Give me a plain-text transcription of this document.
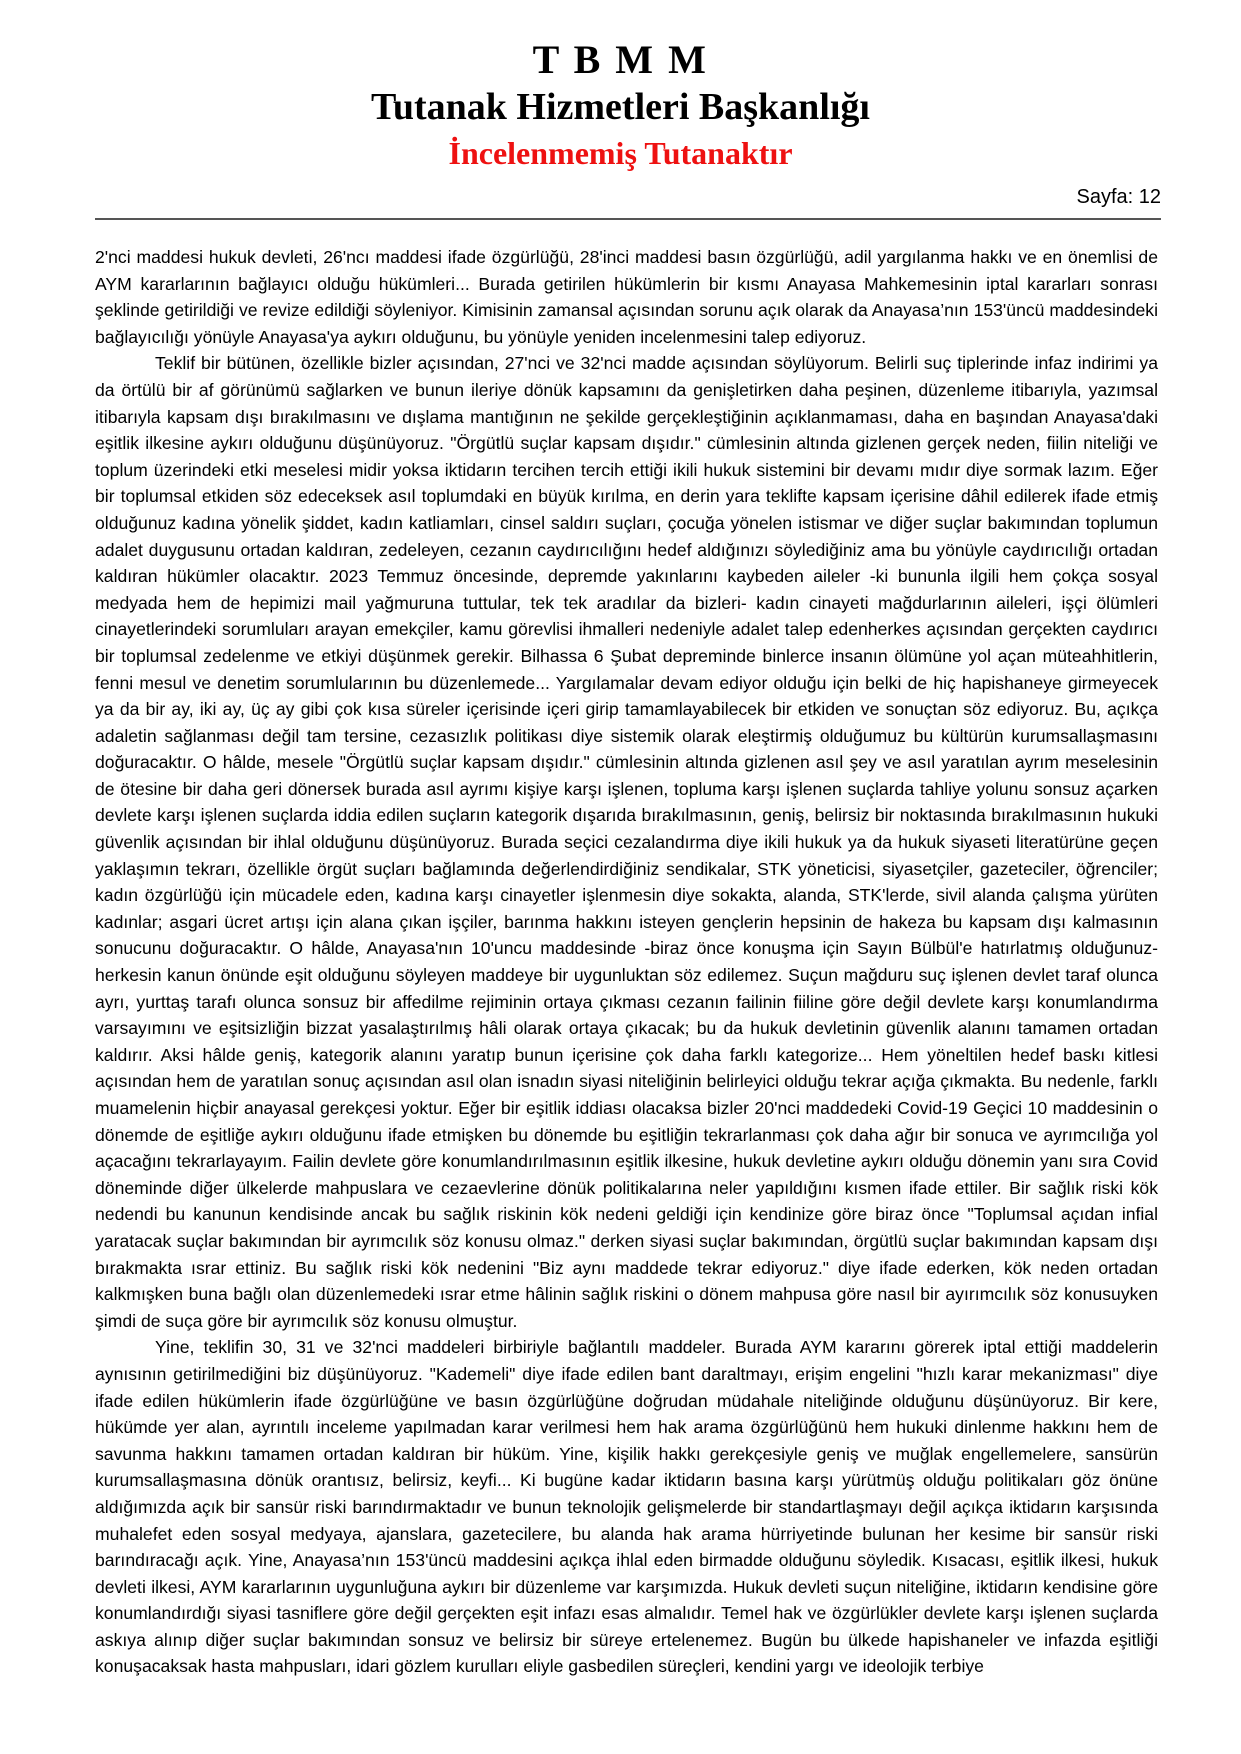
T B M M
Tutanak Hizmetleri Başkanlığı
İncelenmemiş Tutanaktır
Sayfa: 12

2'nci maddesi hukuk devleti, 26'ncı maddesi ifade özgürlüğü, 28'inci maddesi basın özgürlüğü, adil yargılanma hakkı ve en önemlisi de AYM kararlarının bağlayıcı olduğu hükümleri... Burada getirilen hükümlerin bir kısmı Anayasa Mahkemesinin iptal kararları sonrası şeklinde getirildiği ve revize edildiği söyleniyor. Kimisinin zamansal açısından sorunu açık olarak da Anayasa’nın 153'üncü maddesindeki bağlayıcılığı yönüyle Anayasa'ya aykırı olduğunu, bu yönüyle yeniden incelenmesini talep ediyoruz.

Teklif bir bütünen, özellikle bizler açısından, 27'nci ve 32'nci madde açısından söylüyorum. Belirli suç tiplerinde infaz indirimi ya da örtülü bir af görünümü sağlarken ve bunun ileriye dönük kapsamını da genişletirken daha peşinen, düzenleme itibarıyla, yazımsal itibarıyla kapsam dışı bırakılmasını ve dışlama mantığının ne şekilde gerçekleştiğinin açıklanmaması, daha en başından Anayasa'daki eşitlik ilkesine aykırı olduğunu düşünüyoruz. "Örgütlü suçlar kapsam dışıdır." cümlesinin altında gizlenen gerçek neden, fiilin niteliği ve toplum üzerindeki etki meselesi midir yoksa iktidarın tercihen tercih ettiği ikili hukuk sistemini bir devamı mıdır diye sormak lazım. Eğer bir toplumsal etkiden söz edeceksek asıl toplumdaki en büyük kırılma, en derin yara teklifte kapsam içerisine dâhil edilerek ifade etmiş olduğunuz kadına yönelik şiddet, kadın katliamları, cinsel saldırı suçları, çocuğa yönelen istismar ve diğer suçlar bakımından toplumun adalet duygusunu ortadan kaldıran, zedeleyen, cezanın caydırıcılığını hedef aldığınızı söylediğiniz ama bu yönüyle caydırıcılığı ortadan kaldıran hükümler olacaktır. 2023 Temmuz öncesinde, depremde yakınlarını kaybeden aileler -ki bununla ilgili hem çokça sosyal medyada hem de hepimizi mail yağmuruna tuttular, tek tek aradılar da bizleri- kadın cinayeti mağdurlarının aileleri, işçi ölümleri cinayetlerindeki sorumluları arayan emekçiler, kamu görevlisi ihmalleri nedeniyle adalet talep edenherkes açısından gerçekten caydırıcı bir toplumsal zedelenme ve etkiyi düşünmek gerekir. Bilhassa 6 Şubat depreminde binlerce insanın ölümüne yol açan müteahhitlerin, fenni mesul ve denetim sorumlularının bu düzenlemede... Yargılamalar devam ediyor olduğu için belki de hiç hapishaneye girmeyecek ya da bir ay, iki ay, üç ay gibi çok kısa süreler içerisinde içeri girip tamamlayabilecek bir etkiden ve sonuçtan söz ediyoruz. Bu, açıkça adaletin sağlanması değil tam tersine, cezasızlık politikası diye sistemik olarak eleştirmiş olduğumuz bu kültürün kurumsallaşmasını doğuracaktır. O hâlde, mesele "Örgütlü suçlar kapsam dışıdır." cümlesinin altında gizlenen asıl şey ve asıl yaratılan ayrım meselesinin de ötesine bir daha geri dönersek burada asıl ayrımı kişiye karşı işlenen, topluma karşı işlenen suçlarda tahliye yolunu sonsuz açarken devlete karşı işlenen suçlarda iddia edilen suçların kategorik dışarıda bırakılmasının, geniş, belirsiz bir noktasında bırakılmasının hukuki güvenlik açısından bir ihlal olduğunu düşünüyoruz. Burada seçici cezalandırma diye ikili hukuk ya da hukuk siyaseti literatürüne geçen yaklaşımın tekrarı, özellikle örgüt suçları bağlamında değerlendirdiğiniz sendikalar, STK yöneticisi, siyasetçiler, gazeteciler, öğrenciler; kadın özgürlüğü için mücadele eden, kadına karşı cinayetler işlenmesin diye sokakta, alanda, STK'lerde, sivil alanda çalışma yürüten kadınlar; asgari ücret artışı için alana çıkan işçiler, barınma hakkını isteyen gençlerin hepsinin de hakeza bu kapsam dışı kalmasının sonucunu doğuracaktır. O hâlde, Anayasa'nın 10'uncu maddesinde -biraz önce konuşma için Sayın Bülbül'e hatırlatmış olduğunuz- herkesin kanun önünde eşit olduğunu söyleyen maddeye bir uygunluktan söz edilemez. Suçun mağduru suç işlenen devlet taraf olunca ayrı, yurttaş tarafı olunca sonsuz bir affedilme rejiminin ortaya çıkması cezanın failinin fiiline göre değil devlete karşı konumlandırma varsayımını ve eşitsizliğin bizzat yasalaştırılmış hâli olarak ortaya çıkacak; bu da hukuk devletinin güvenlik alanını tamamen ortadan kaldırır. Aksi hâlde geniş, kategorik alanını yaratıp bunun içerisine çok daha farklı kategorize... Hem yöneltilen hedef baskı kitlesi açısından hem de yaratılan sonuç açısından asıl olan isnadın siyasi niteliğinin belirleyici olduğu tekrar açığa çıkmakta. Bu nedenle, farklı muamelenin hiçbir anayasal gerekçesi yoktur. Eğer bir eşitlik iddiası olacaksa bizler 20'nci maddedeki Covid-19 Geçici 10 maddesinin o dönemde de eşitliğe aykırı olduğunu ifade etmişken bu dönemde bu eşitliğin tekrarlanması çok daha ağır bir sonuca ve ayrımcılığa yol açacağını tekrarlayayım. Failin devlete göre konumlandırılmasının eşitlik ilkesine, hukuk devletine aykırı olduğu dönemin yanı sıra Covid döneminde diğer ülkelerde mahpuslara ve cezaevlerine dönük politikalarına neler yapıldığını kısmen ifade ettiler. Bir sağlık riski kök nedendi bu kanunun kendisinde ancak bu sağlık riskinin kök nedeni geldiği için kendinize göre biraz önce "Toplumsal açıdan infial yaratacak suçlar bakımından bir ayrımcılık söz konusu olmaz." derken siyasi suçlar bakımından, örgütlü suçlar bakımından kapsam dışı bırakmakta ısrar ettiniz. Bu sağlık riski kök nedenini "Biz aynı maddede tekrar ediyoruz." diye ifade ederken, kök neden ortadan kalkmışken buna bağlı olan düzenlemedeki ısrar etme hâlinin sağlık riskini o dönem mahpusa göre nasıl bir ayırımcılık söz konusuyken şimdi de suça göre bir ayrımcılık söz konusu olmuştur.

Yine, teklifin 30, 31 ve 32'nci maddeleri birbiriyle bağlantılı maddeler. Burada AYM kararını görerek iptal ettiği maddelerin aynısının getirilmediğini biz düşünüyoruz. "Kademeli" diye ifade edilen bant daraltmayı, erişim engelini "hızlı karar mekanizması" diye ifade edilen hükümlerin ifade özgürlüğüne ve basın özgürlüğüne doğrudan müdahale niteliğinde olduğunu düşünüyoruz. Bir kere, hükümde yer alan, ayrıntılı inceleme yapılmadan karar verilmesi hem hak arama özgürlüğünü hem hukuki dinlenme hakkını hem de savunma hakkını tamamen ortadan kaldıran bir hüküm. Yine, kişilik hakkı gerekçesiyle geniş ve muğlak engellemelere, sansürün kurumsallaşmasına dönük orantısız, belirsiz, keyfi... Ki bugüne kadar iktidarın basına karşı yürütmüş olduğu politikaları göz önüne aldığımızda açık bir sansür riski barındırmaktadır ve bunun teknolojik gelişmelerde bir standartlaşmayı değil açıkça iktidarın karşısında muhalefet eden sosyal medyaya, ajanslara, gazetecilere, bu alanda hak arama hürriyetinde bulunan her kesime bir sansür riski barındıracağı açık. Yine, Anayasa’nın 153'üncü maddesini açıkça ihlal eden birmadde olduğunu söyledik. Kısacası, eşitlik ilkesi, hukuk devleti ilkesi, AYM kararlarının uygunluğuna aykırı bir düzenleme var karşımızda. Hukuk devleti suçun niteliğine, iktidarın kendisine göre konumlandırdığı siyasi tasniflere göre değil gerçekten eşit infazı esas almalıdır. Temel hak ve özgürlükler devlete karşı işlenen suçlarda askıya alınıp diğer suçlar bakımından sonsuz ve belirsiz bir süreye ertelenemez. Bugün bu ülkede hapishaneler ve infazda eşitliği konuşacaksak hasta mahpusları, idari gözlem kurulları eliyle gasbedilen süreçleri, kendini yargı ve ideolojik terbiye
